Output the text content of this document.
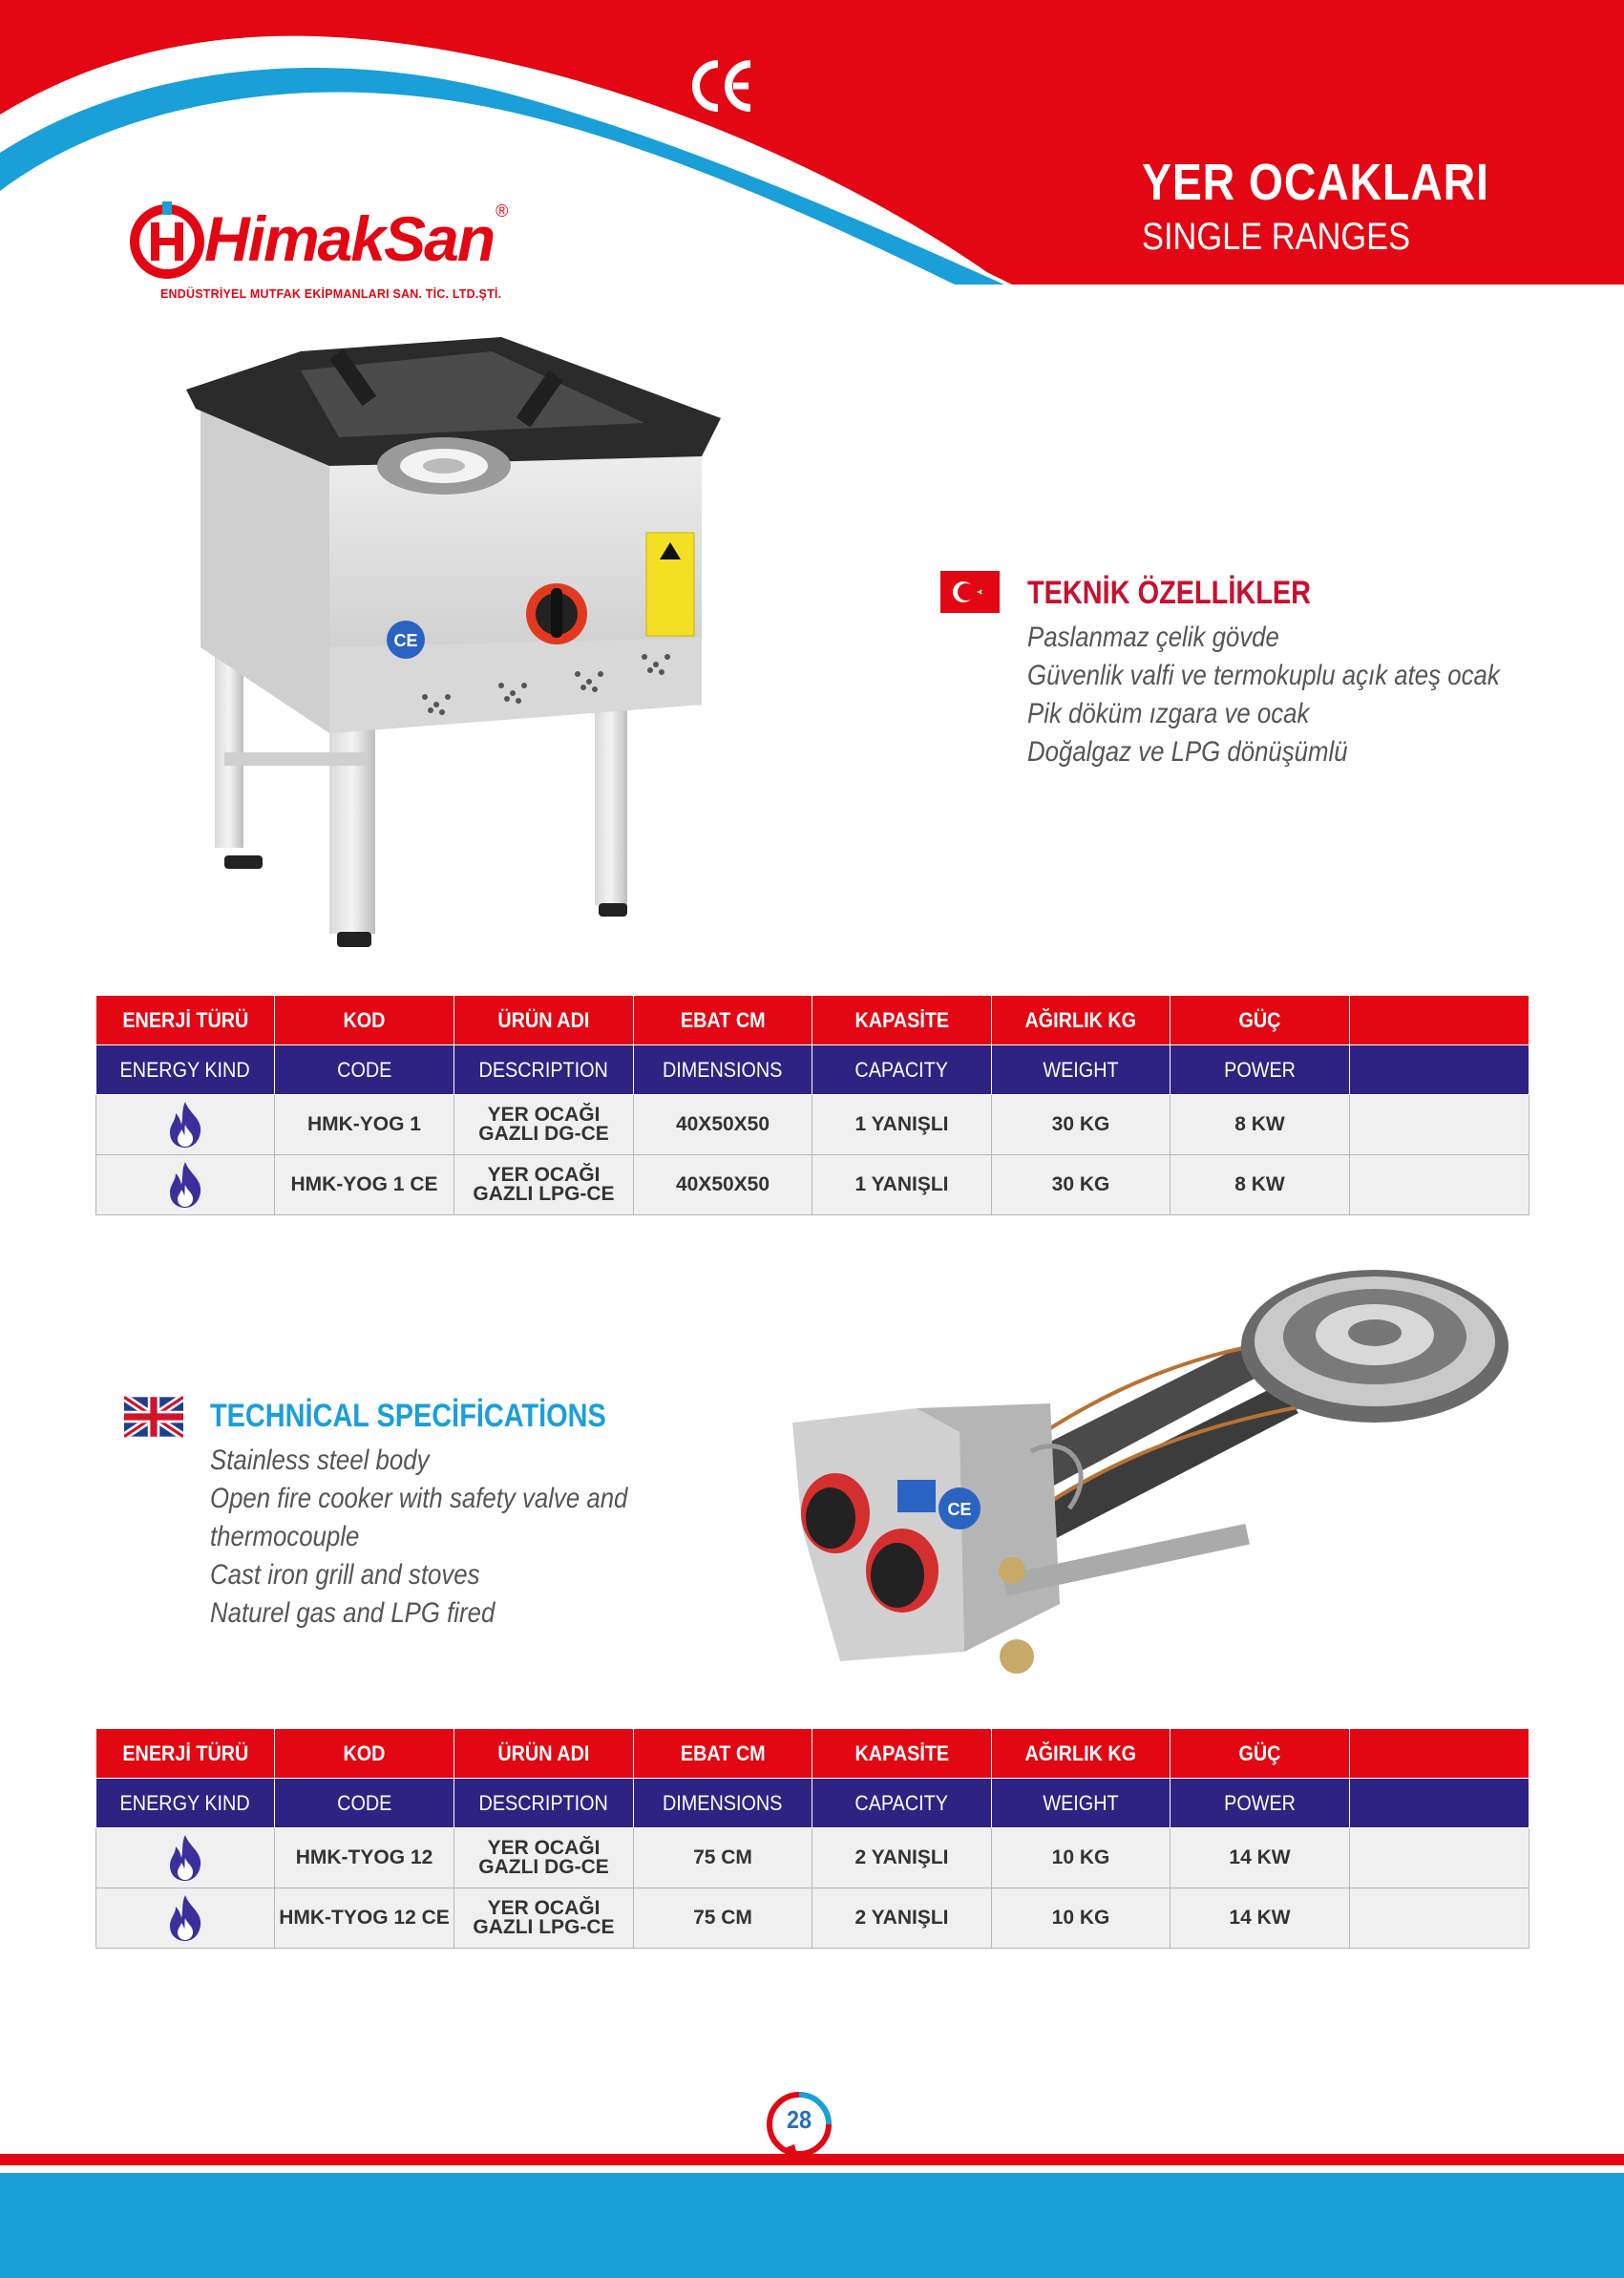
YER OCAKLARI
SINGLE RANGES
HimakSan ®
ENDÜSTRİYEL MUTFAK EKİPMANLARI SAN. TİC. LTD.ŞTİ.
CE
TEKNİK ÖZELLİKLER
Paslanmaz çelik gövde
Güvenlik valfi ve termokuplu açık ateş ocak
Pik döküm ızgara ve ocak
Doğalgaz ve LPG dönüşümlü
ENERJİ TÜRÜ	KOD	ÜRÜN ADI	EBAT CM	KAPASİTE	AĞIRLIK KG	GÜÇ	
ENERGY KIND	CODE	DESCRIPTION	DIMENSIONS	CAPACITY	WEIGHT	POWER	

	HMK-YOG 1	YER OCAĞI
GAZLI DG-CE	40X50X50	1 YANIŞLI	30 KG	8 KW	

	HMK-YOG 1 CE	YER OCAĞI
GAZLI LPG-CE	40X50X50	1 YANIŞLI	30 KG	8 KW	
TECHNİCAL SPECİFİCATİONS
Stainless steel body
Open fire cooker with safety valve and
thermocouple
Cast iron grill and stoves
Naturel gas and LPG fired
CE
ENERJİ TÜRÜ	KOD	ÜRÜN ADI	EBAT CM	KAPASİTE	AĞIRLIK KG	GÜÇ	
ENERGY KIND	CODE	DESCRIPTION	DIMENSIONS	CAPACITY	WEIGHT	POWER	

	HMK-TYOG 12	YER OCAĞI
GAZLI DG-CE	75 CM	2 YANIŞLI	10 KG	14 KW	

	HMK-TYOG 12 CE	YER OCAĞI
GAZLI LPG-CE	75 CM	2 YANIŞLI	10 KG	14 KW	
28
